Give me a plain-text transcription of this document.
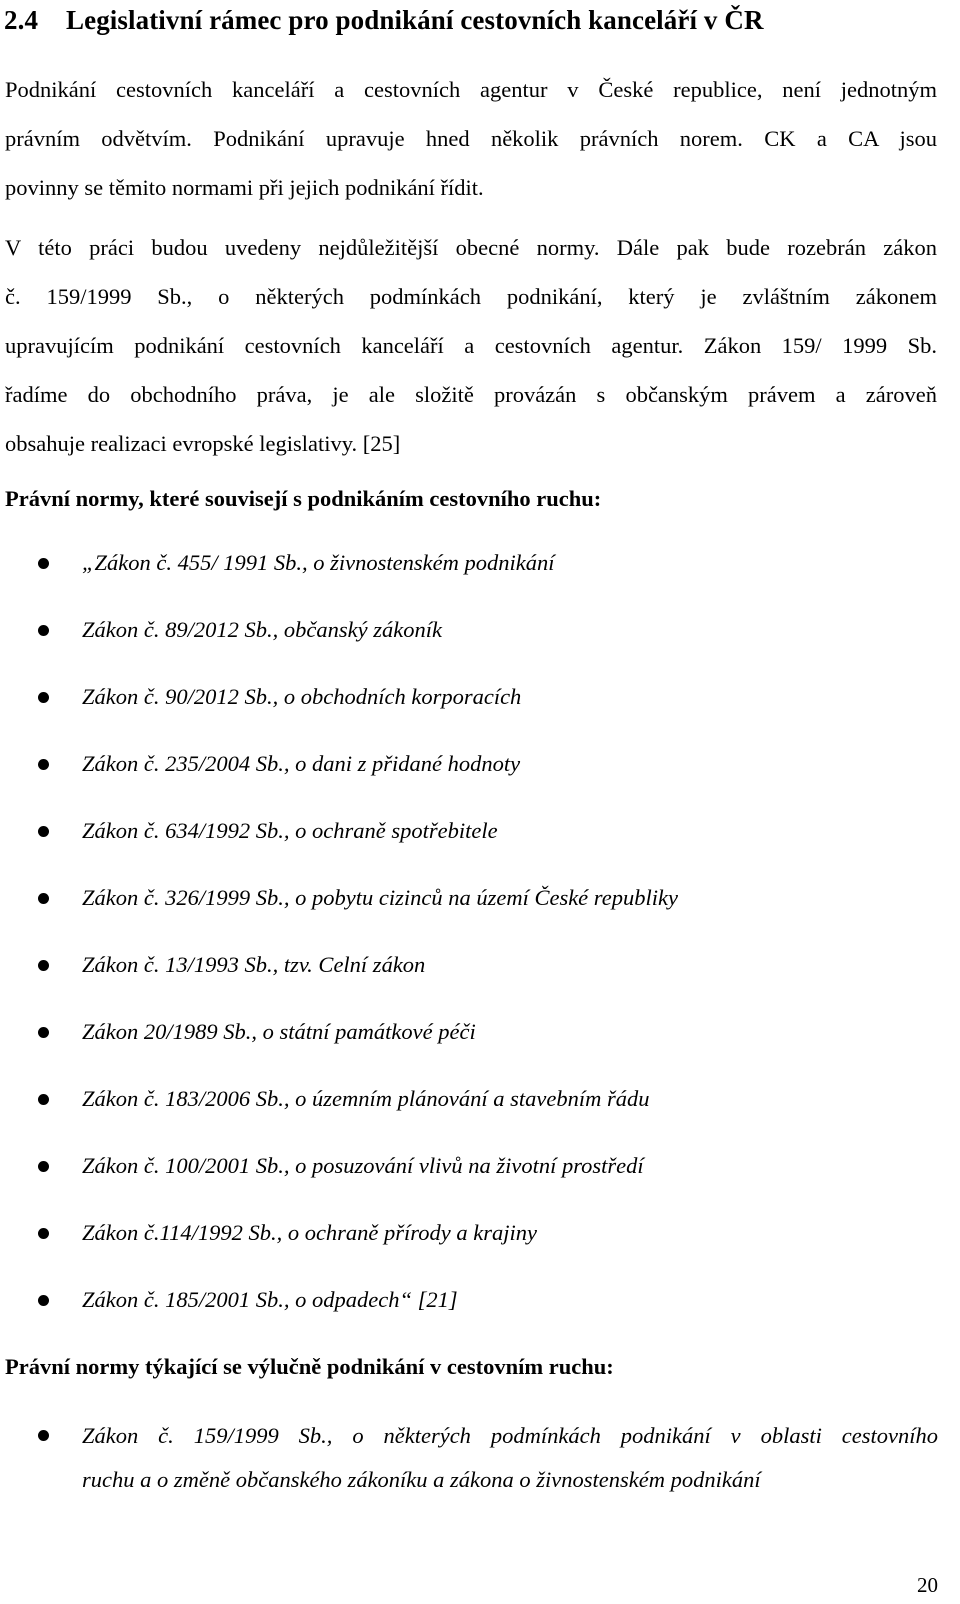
2.4 Legislativní rámec pro podnikání cestovních kanceláří v ČR

Podnikání cestovních kanceláří a cestovních agentur v České republice, není jednotným
právním odvětvím. Podnikání upravuje hned několik právních norem. CK a CA jsou
povinny se těmito normami při jejich podnikání řídit.

V této práci budou uvedeny nejdůležitější obecné normy. Dále pak bude rozebrán zákon
č. 159/1999 Sb., o některých podmínkách podnikání, který je zvláštním zákonem
upravujícím podnikání cestovních kanceláří a cestovních agentur. Zákon 159/ 1999 Sb.
řadíme do obchodního práva, je ale složitě provázán s občanským právem a zároveň
obsahuje realizaci evropské legislativy. [25]

Právní normy, které souvisejí s podnikáním cestovního ruchu:

„Zákon č. 455/ 1991 Sb., o živnostenském podnikání
Zákon č. 89/2012 Sb., občanský zákoník
Zákon č. 90/2012 Sb., o obchodních korporacích
Zákon č. 235/2004 Sb., o dani z přidané hodnoty
Zákon č. 634/1992 Sb., o ochraně spotřebitele
Zákon č. 326/1999 Sb., o pobytu cizinců na území České republiky
Zákon č. 13/1993 Sb., tzv. Celní zákon
Zákon 20/1989 Sb., o státní památkové péči
Zákon č. 183/2006 Sb., o územním plánování a stavebním řádu
Zákon č. 100/2001 Sb., o posuzování vlivů na životní prostředí
Zákon č.114/1992 Sb., o ochraně přírody a krajiny
Zákon č. 185/2001 Sb., o odpadech“ [21]

Právní normy týkající se výlučně podnikání v cestovním ruchu:

Zákon č. 159/1999 Sb., o některých podmínkách podnikání v oblasti cestovního
ruchu a o změně občanského zákoníku a zákona o živnostenském podnikání
20
